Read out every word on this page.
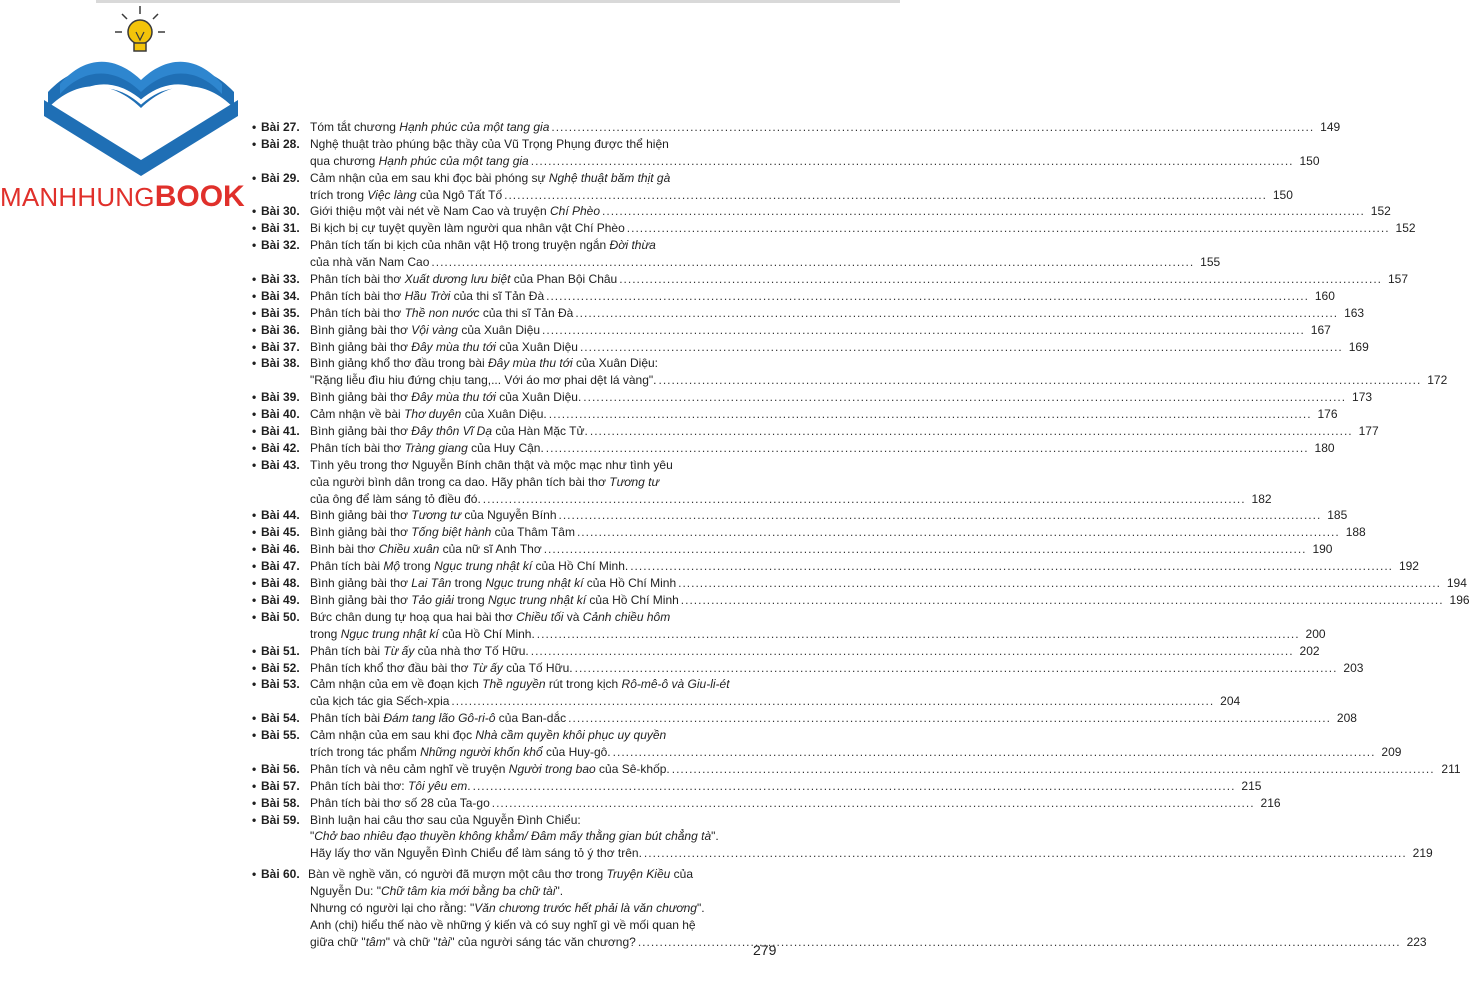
MANHHUNGBOOK
• Bài 27. Tóm tắt chương Hạnh phúc của một tang gia .....	149
• Bài 28. Nghệ thuật trào phúng bậc thầy của Vũ Trọng Phụng được thể hiện
qua chương Hạnh phúc của một tang gia .....	150
• Bài 29. Cảm nhận của em sau khi đọc bài phóng sự Nghệ thuật băm thịt gà
trích trong Việc làng của Ngô Tất Tố .....	150
• Bài 30. Giới thiệu một vài nét về Nam Cao và truyện Chí Phèo .....	152
• Bài 31. Bi kịch bị cự tuyệt quyền làm người qua nhân vật Chí Phèo .....	152
• Bài 32. Phân tích tấn bi kịch của nhân vật Hộ trong truyện ngắn Đời thừa
của nhà văn Nam Cao .....	155
• Bài 33. Phân tích bài thơ Xuất dương lưu biệt của Phan Bội Châu .....	157
• Bài 34. Phân tích bài thơ Hầu Trời của thi sĩ Tản Đà .....	160
• Bài 35. Phân tích bài thơ Thề non nước của thi sĩ Tản Đà .....	163
• Bài 36. Bình giảng bài thơ Vội vàng của Xuân Diệu .....	167
• Bài 37. Bình giảng bài thơ Đây mùa thu tới của Xuân Diệu .....	169
• Bài 38. Bình giảng khổ thơ đầu trong bài Đây mùa thu tới của Xuân Diệu:
"Rặng liễu đìu hiu đứng chịu tang,... Với áo mơ phai dệt lá vàng". .....	172
• Bài 39. Bình giảng bài thơ Đây mùa thu tới của Xuân Diệu. .....	173
• Bài 40. Cảm nhận về bài Thơ duyên của Xuân Diệu. .....	176
• Bài 41. Bình giảng bài thơ Đây thôn Vĩ Dạ của Hàn Mặc Tử. .....	177
• Bài 42. Phân tích bài thơ Tràng giang của Huy Cận. .....	180
• Bài 43. Tình yêu trong thơ Nguyễn Bính chân thật và mộc mạc như tình yêu
của người bình dân trong ca dao. Hãy phân tích bài thơ Tương tư
của ông để làm sáng tỏ điều đó. .....	182
• Bài 44. Bình giảng bài thơ Tương tư của Nguyễn Bính .....	185
• Bài 45. Bình giảng bài thơ Tống biệt hành của Thâm Tâm .....	188
• Bài 46. Bình bài thơ Chiều xuân của nữ sĩ Anh Thơ .....	190
• Bài 47. Phân tích bài Mộ trong Ngục trung nhật kí của Hồ Chí Minh. .....	192
• Bài 48. Bình giảng bài thơ Lai Tân trong Ngục trung nhật kí của Hồ Chí Minh .....	194
• Bài 49. Bình giảng bài thơ Tảo giải trong Ngục trung nhật kí của Hồ Chí Minh .....	196
• Bài 50. Bức chân dung tự hoạ qua hai bài thơ Chiều tối và Cảnh chiều hôm
trong Ngục trung nhật kí của Hồ Chí Minh. .....	200
• Bài 51. Phân tích bài Từ ấy của nhà thơ Tố Hữu. .....	202
• Bài 52. Phân tích khổ thơ đầu bài thơ Từ ấy của Tố Hữu. .....	203
• Bài 53. Cảm nhận của em về đoạn kịch Thề nguyền rút trong kịch Rô-mê-ô và Giu-li-ét
của kịch tác gia Sếch-xpia .....	204
• Bài 54. Phân tích bài Đám tang lão Gô-ri-ô của Ban-dắc .....	208
• Bài 55. Cảm nhận của em sau khi đọc Nhà cầm quyền khôi phục uy quyền
trích trong tác phẩm Những người khốn khổ của Huy-gô. .....	209
• Bài 56. Phân tích và nêu cảm nghĩ về truyện Người trong bao của Sê-khốp. .....	211
• Bài 57. Phân tích bài thơ: Tôi yêu em. .....	215
• Bài 58. Phân tích bài thơ số 28 của Ta-go .....	216
• Bài 59. Bình luận hai câu thơ sau của Nguyễn Đình Chiểu:
"Chở bao nhiêu đạo thuyền không khẳm/ Đâm mấy thằng gian bút chẳng tà".
Hãy lấy thơ văn Nguyễn Đình Chiểu để làm sáng tỏ ý thơ trên. .....	219
• Bài 60. Bàn về nghề văn, có người đã mượn một câu thơ trong Truyện Kiều của
Nguyễn Du: "Chữ tâm kia mới bằng ba chữ tài".
Nhưng có người lại cho rằng: "Văn chương trước hết phải là văn chương".
Anh (chị) hiểu thế nào về những ý kiến và có suy nghĩ gì về mối quan hệ
giữa chữ "tâm" và chữ "tài" của người sáng tác văn chương? .....	223
279
